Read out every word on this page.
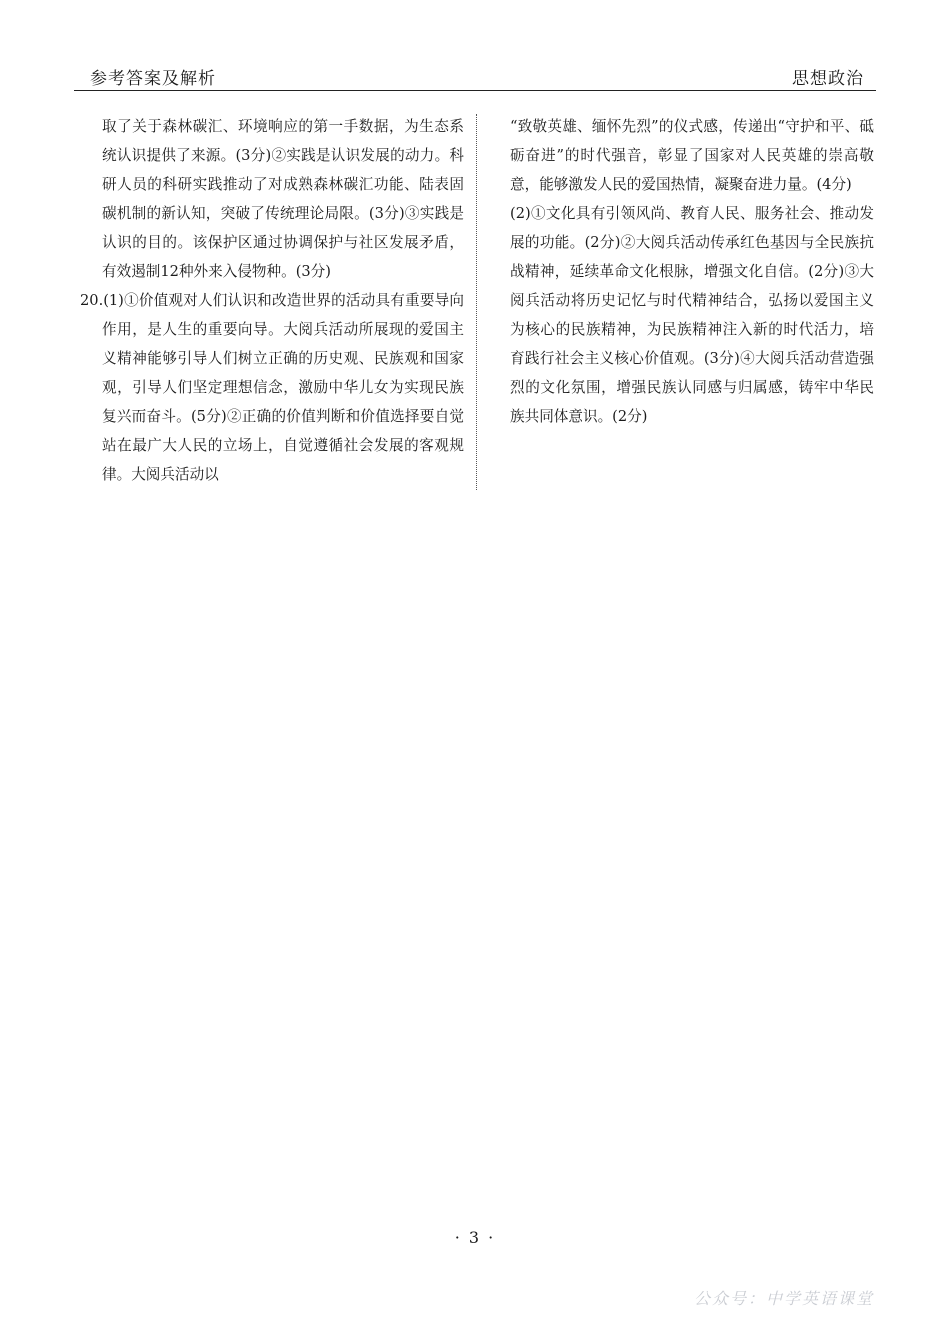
参考答案及解析	思想政治

取了关于森林碳汇、环境响应的第一手数据，为生态系统认识提供了来源。(3分)②实践是认识发展的动力。科研人员的科研实践推动了对成熟森林碳汇功能、陆表固碳机制的新认知，突破了传统理论局限。(3分)③实践是认识的目的。该保护区通过协调保护与社区发展矛盾，有效遏制12种外来入侵物种。(3分)

20.(1)①价值观对人们认识和改造世界的活动具有重要导向作用，是人生的重要向导。大阅兵活动所展现的爱国主义精神能够引导人们树立正确的历史观、民族观和国家观，引导人们坚定理想信念，激励中华儿女为实现民族复兴而奋斗。(5分)②正确的价值判断和价值选择要自觉站在最广大人民的立场上，自觉遵循社会发展的客观规律。大阅兵活动以

“致敬英雄、缅怀先烈”的仪式感，传递出“守护和平、砥砺奋进”的时代强音，彰显了国家对人民英雄的崇高敬意，能够激发人民的爱国热情，凝聚奋进力量。(4分)

(2)①文化具有引领风尚、教育人民、服务社会、推动发展的功能。(2分)②大阅兵活动传承红色基因与全民族抗战精神，延续革命文化根脉，增强文化自信。(2分)③大阅兵活动将历史记忆与时代精神结合，弘扬以爱国主义为核心的民族精神，为民族精神注入新的时代活力，培育践行社会主义核心价值观。(3分)④大阅兵活动营造强烈的文化氛围，增强民族认同感与归属感，铸牢中华民族共同体意识。(2分)

· 3 ·
公众号：中学英语课堂
